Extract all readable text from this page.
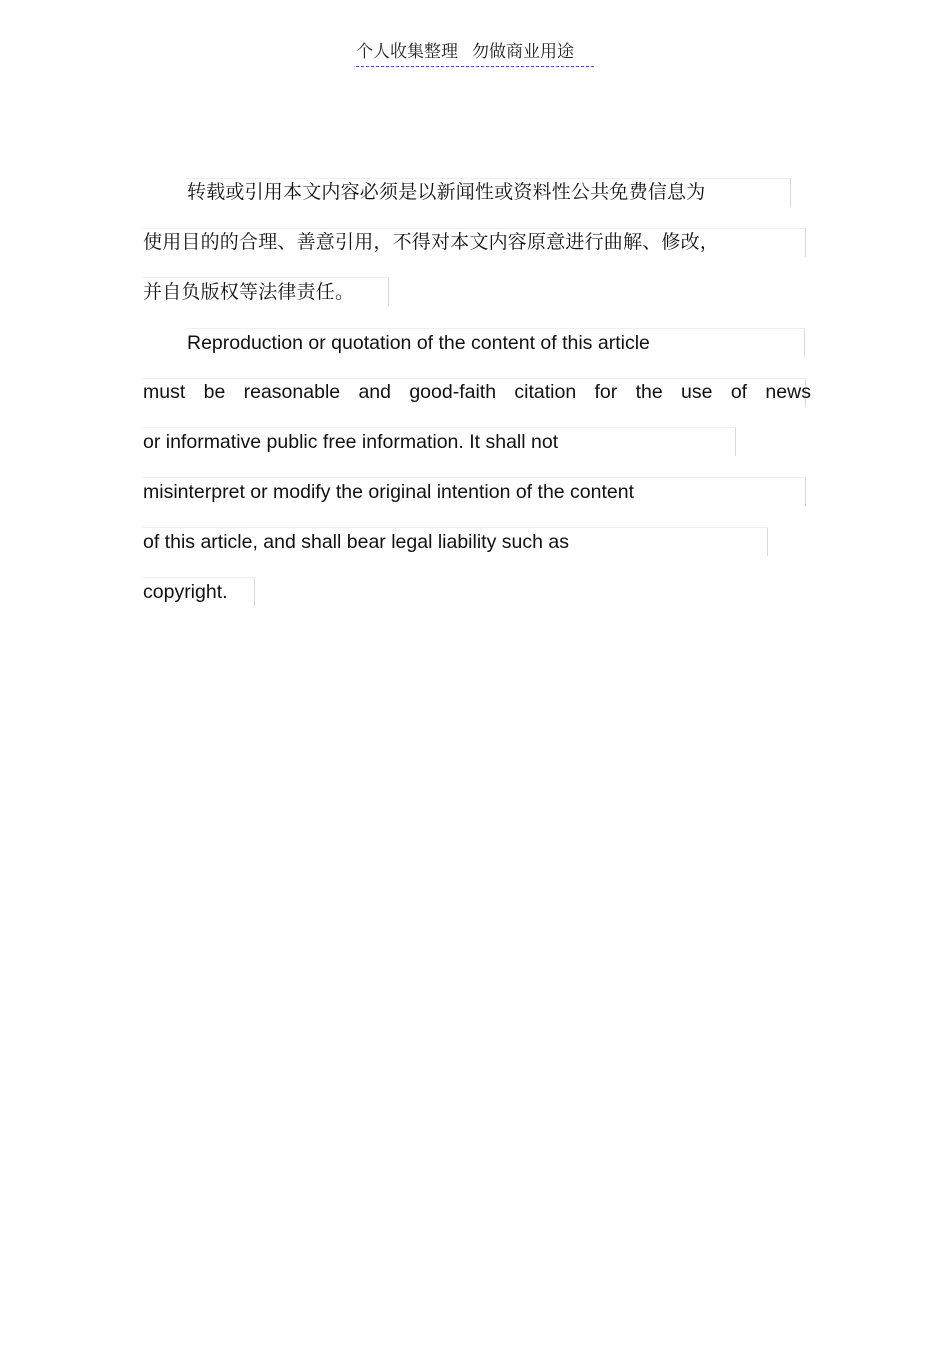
个人收集整理 勿做商业用途
转载或引用本文内容必须是以新闻性或资料性公共免费信息为
使用目的的合理、善意引用，不得对本文内容原意进行曲解、修改，
并自负版权等法律责任。
Reproduction or quotation of the content of this article
must be reasonable and good-faith citation for the use of news
or informative public free information. It shall not
misinterpret or modify the original intention of the content
of this article, and shall bear legal liability such as
copyright.
